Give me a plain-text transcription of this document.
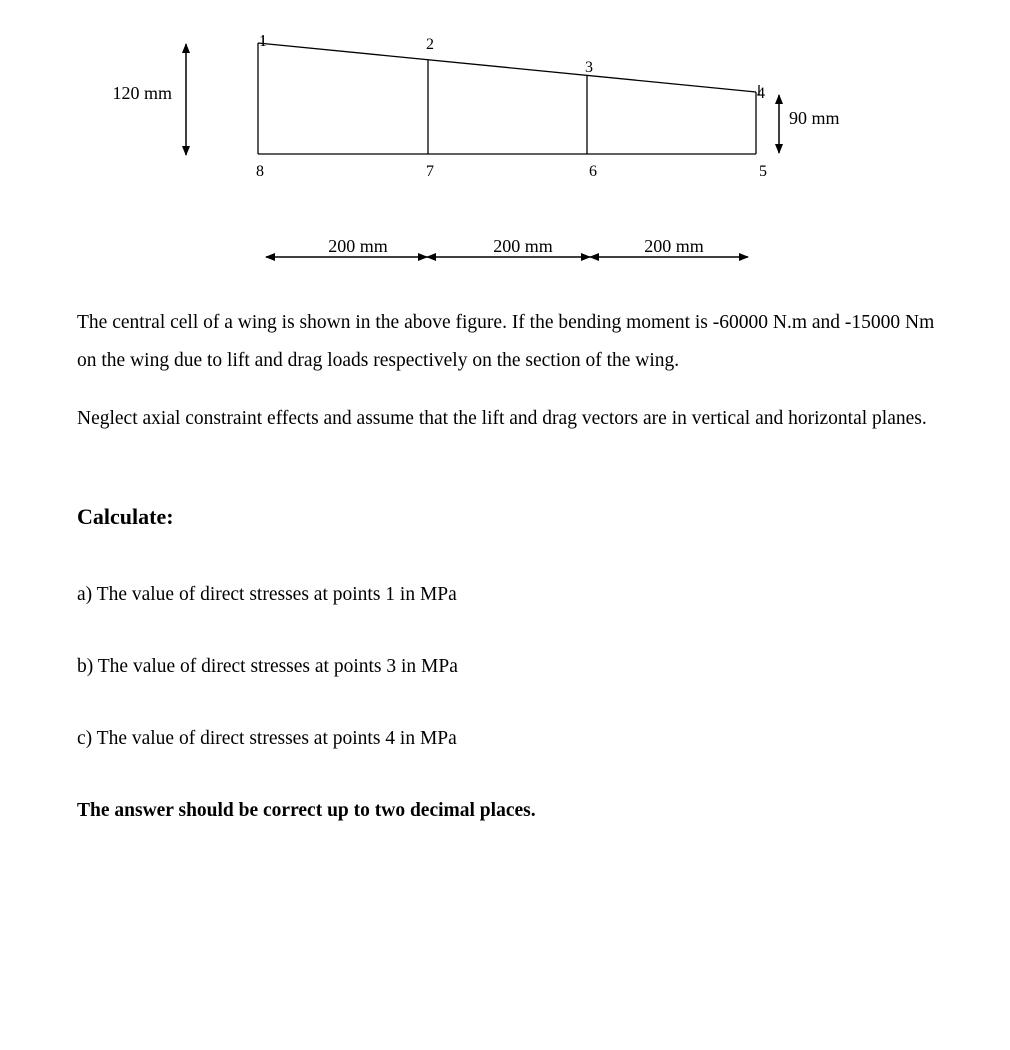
1	2
3
4
5
6
7
8
120 mm
90 mm
200 mm	200 mm	200 mm

The central cell of a wing is shown in the above figure. If the bending moment is -60000 N.m and -15000 Nm on the wing due to lift and drag loads respectively on the section of the wing.

Neglect axial constraint effects and assume that the lift and drag vectors are in vertical and horizontal planes.

Calculate:

a) The value of direct stresses at points 1 in MPa

b) The value of direct stresses at points 3 in MPa

c) The value of direct stresses at points 4 in MPa

The answer should be correct up to two decimal places.
